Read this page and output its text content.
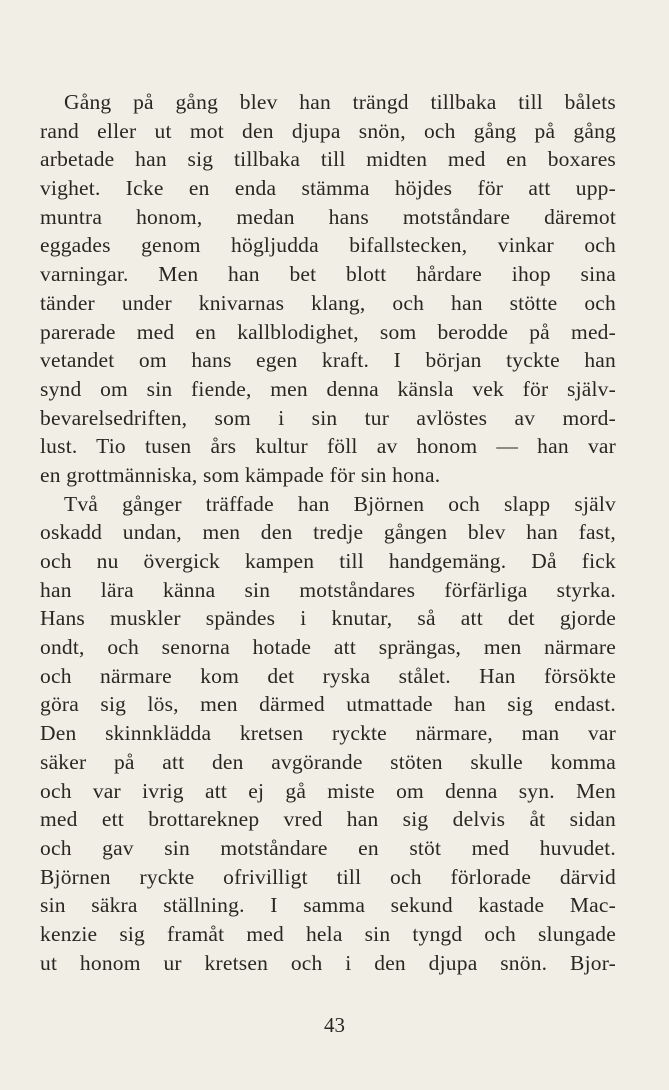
Gång på gång blev han trängd tillbaka till bålets
rand eller ut mot den djupa snön, och gång på gång
arbetade han sig tillbaka till midten med en boxares
vighet. Icke en enda stämma höjdes för att upp-
muntra honom, medan hans motståndare däremot
eggades genom högljudda bifallstecken, vinkar och
varningar. Men han bet blott hårdare ihop sina
tänder under knivarnas klang, och han stötte och
parerade med en kallblodighet, som berodde på med-
vetandet om hans egen kraft. I början tyckte han
synd om sin fiende, men denna känsla vek för själv-
bevarelsedriften, som i sin tur avlöstes av mord-
lust. Tio tusen års kultur föll av honom — han var
en grottmänniska, som kämpade för sin hona.
Två gånger träffade han Björnen och slapp själv
oskadd undan, men den tredje gången blev han fast,
och nu övergick kampen till handgemäng. Då fick
han lära känna sin motståndares förfärliga styrka.
Hans muskler spändes i knutar, så att det gjorde
ondt, och senorna hotade att sprängas, men närmare
och närmare kom det ryska stålet. Han försökte
göra sig lös, men därmed utmattade han sig endast.
Den skinnklädda kretsen ryckte närmare, man var
säker på att den avgörande stöten skulle komma
och var ivrig att ej gå miste om denna syn. Men
med ett brottareknep vred han sig delvis åt sidan
och gav sin motståndare en stöt med huvudet.
Björnen ryckte ofrivilligt till och förlorade därvid
sin säkra ställning. I samma sekund kastade Mac-
kenzie sig framåt med hela sin tyngd och slungade
ut honom ur kretsen och i den djupa snön. Bjor-
43
